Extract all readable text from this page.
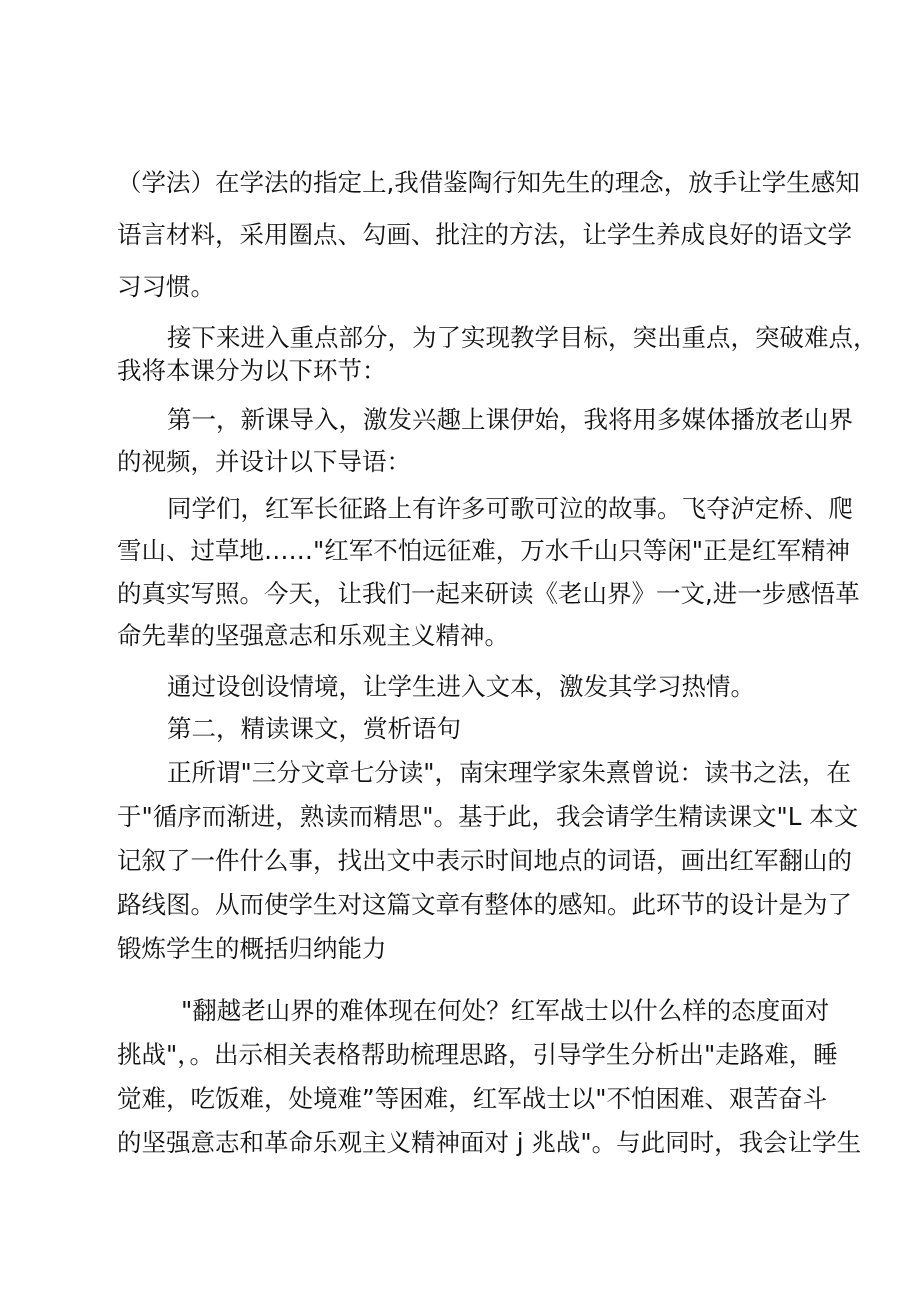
（学法）在学法的指定上,我借鉴陶行知先生的理念，放手让学生感知
语言材料，采用圈点、勾画、批注的方法，让学生养成良好的语文学
习习惯。
接下来进入重点部分，为了实现教学目标，突出重点，突破难点，
我将本课分为以下环节：
第一，新课导入，激发兴趣上课伊始，我将用多媒体播放老山界
的视频，并设计以下导语：
同学们，红军长征路上有许多可歌可泣的故事。飞夺泸定桥、爬
雪山、过草地……"红军不怕远征难，万水千山只等闲"正是红军精神
的真实写照。今天，让我们一起来研读《老山界》一文,进一步感悟革
命先辈的坚强意志和乐观主义精神。
通过设创设情境，让学生进入文本，激发其学习热情。
第二，精读课文，赏析语句
正所谓"三分文章七分读"，南宋理学家朱熹曾说：读书之法，在
于"循序而渐进，熟读而精思"。基于此，我会请学生精读课文"L 本文
记叙了一件什么事，找出文中表示时间地点的词语，画出红军翻山的
路线图。从而使学生对这篇文章有整体的感知。此环节的设计是为了
锻炼学生的概括归纳能力
"翻越老山界的难体现在何处？红军战士以什么样的态度面对
挑战"，。出示相关表格帮助梳理思路，引导学生分析出"走路难，睡
觉难，吃饭难，处境难”等困难，红军战士以"不怕困难、艰苦奋斗
的坚强意志和革命乐观主义精神面对 j 兆战"。与此同时，我会让学生
